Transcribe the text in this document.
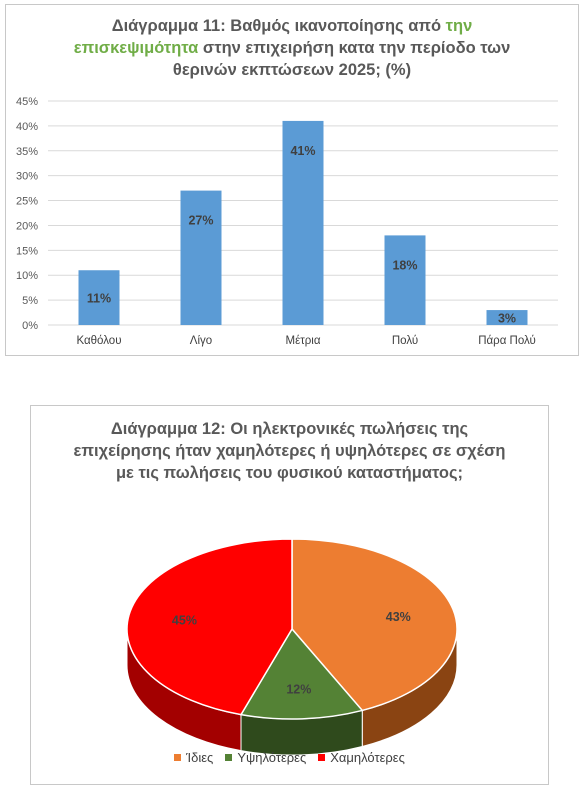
Διάγραμμα 11: Βαθμός ικανοποίησης από την
επισκεψιμότητα στην επιχειρήση κατα την περίοδο των
θερινών εκπτώσεων 2025; (%)
0%
5%
10%
15%
20%
25%
30%
35%
40%
45%
11%
Καθόλου
27%
Λίγο
41%
Μέτρια
18%
Πολύ
3%
Πάρα Πολύ
Διάγραμμα 12: Οι ηλεκτρονικές πωλήσεις της
επιχείρησης ήταν χαμηλότερες ή υψηλότερες σε σχέση
με τις πωλήσεις του φυσικού καταστήματος;
43%
12%
45%
Ίδιες Υψηλότερες Χαμηλότερες
